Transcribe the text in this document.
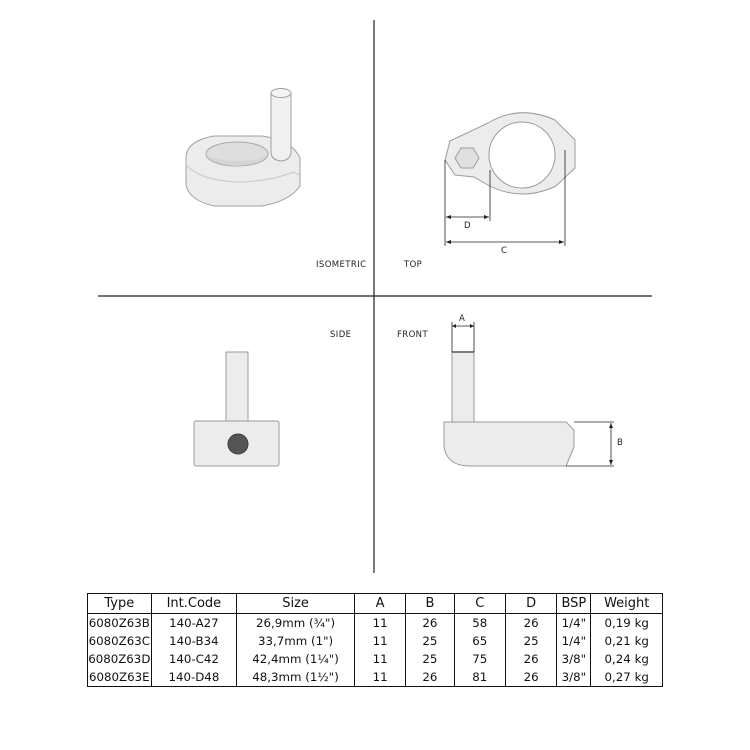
ISOMETRIC	TOP
SIDE	FRONT
D
C
A
B
Type	Int.Code	Size	A	B	C	D	BSP	Weight
6080Z63B	140-A27	26,9mm (¾")	11	26	58	26	1/4"	0,19 kg
6080Z63C	140-B34	33,7mm (1")	11	25	65	25	1/4"	0,21 kg
6080Z63D	140-C42	42,4mm (1¼")	11	25	75	26	3/8"	0,24 kg
6080Z63E	140-D48	48,3mm (1½")	11	26	81	26	3/8"	0,27 kg
